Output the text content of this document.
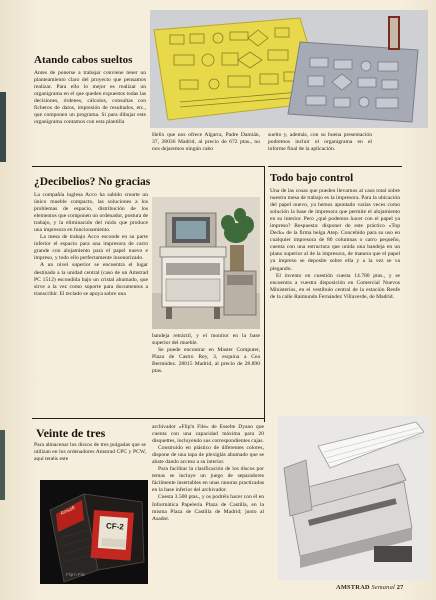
Atando cabos sueltos

Antes de ponerse a trabajar conviene tener un planteamiento claro del proyecto que pensamos realizar. Para ello lo mejor es realizar un organigrama en el que queden expuestos todas las decisiones, órdenes, cálculos, consultas con ficheros de datos, impresión de resultados, etc., que componen un programa. Si para dibujar este organigrama contamos con esta plantilla

Helix que nos ofrece Algarra, Padre Damián, 37, 28036 Madrid, al precio de 672 ptas., no nos dejaremos ningún cabo

suelto y, además, con su buena presentación podremos incluir el organigrama en el informe final de la aplicación.

¿Decibelios? No gracias

La compañía inglesa Acco ha sabido crearte un único mueble compacto, las soluciones a los problemas de espacio, distribución de los elementos que componen un ordenador, postura de trabajo, y la eliminación del ruido que produce una impresora en funcionamiento.

La mesa de trabajo Acco esconde en su parte inferior el espacio para una impresora de carro grande con alojamiento para el papel nuevo e impreso, y todo ello perfectamente insonorizado.

A un nivel superior se encuentra el lugar destinado a la unidad central (caso de un Amstrad PC 1512) escondida bajo un cristal ahumado, que sirve a la vez como soporte para documentos a transcribir. El teclado se apoya sobre una

bandeja retráctil, y el monitor en la base superior del mueble.

Se puede encontrar en Master Computer, Plaza de Castro Rey, 3, esquina a Cea Bermúdez. 28015 Madrid, al precio de 28.890 ptas.

Todo bajo control

Una de las cosas que pueden llevarnos al caos total sobre nuestra mesa de trabajo es la impresora. Para la ubicación del papel nuevo, ya hemos apuntado varias veces como solución la base de impresora que permite el alojamiento en su interior. Pero ¿qué podemos hacer con el papel ya impreso? Respuesta: disponer de este práctico «Top Deck» de la firma belga Atep. Concebido para su uso en cualquier impresora de 80 columnas o carro pequeño, cuenta con una estructura que unida una bandeja en un plano superior al de la impresora, de manera que el papel ya impreso se deposite sobre ella y a la vez se va plegando.

El invento en cuestión cuesta 14.780 ptas., y se encuentra a vuestra disposición en Comercial Nuevos Ministerios, en el vestíbulo central de la estación Renfe de la calle Raimundo Fernández Villaverde, de Madrid.

Veinte de tres

Para almacenar los discos de tres pulgadas que se utilizan en los ordenadores Amstrad CPC y PCW, aquí tenéis este

Amsoft
CF-2
Flip'n File

archivador «Flip'n File» de Esselte Dyano que cuenta con una capacidad máxima para 20 disquettes, incluyendo sus correspondientes cajas.

Construido en plástico de diferentes colores, dispone de una tapa de plexiglás ahumado que se abate dando acceso a su interior.

Para facilitar la clasificación de los discos por temas se incluye un juego de separadores fácilmente insertables en unas ranuras practicadas en la base inferior del archivador.

Cuesta 3.500 ptas., y os podréis hacer con él en Informática Papelería Plaza de Castilla, en la misma Plaza de Castilla de Madrid; junto al Asador.

AMSTRAD Semanal 27
